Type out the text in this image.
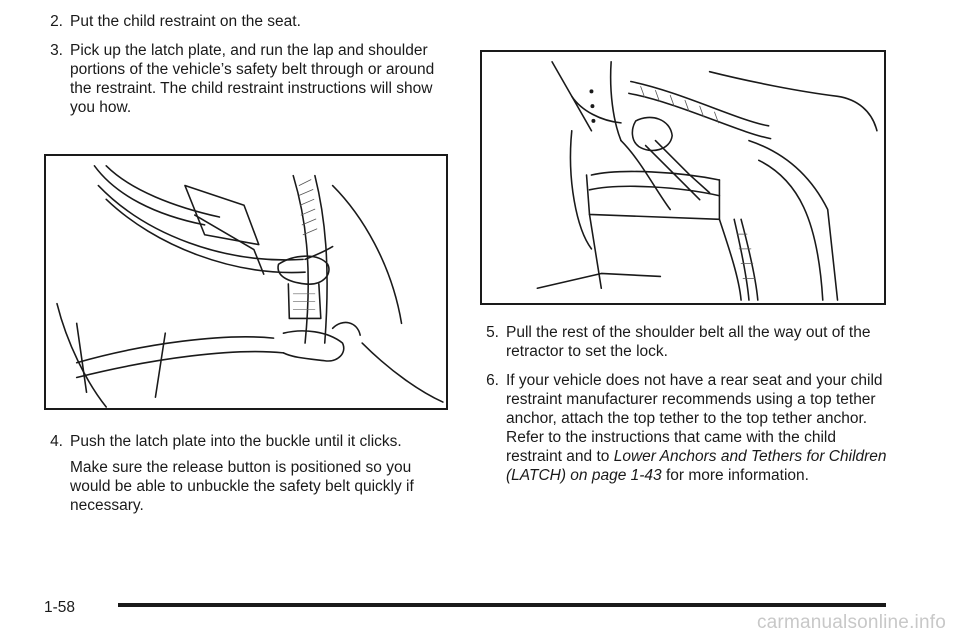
2. Put the child restraint on the seat.
3. Pick up the latch plate, and run the lap and shoulder portions of the vehicle’s safety belt through or around the restraint. The child restraint instructions will show you how.
4. Push the latch plate into the buckle until it clicks.
Make sure the release button is positioned so you would be able to unbuckle the safety belt quickly if necessary.
5. Pull the rest of the shoulder belt all the way out of the retractor to set the lock.
6. If your vehicle does not have a rear seat and your child restraint manufacturer recommends using a top tether anchor, attach the top tether to the top tether anchor. Refer to the instructions that came with the child restraint and to Lower Anchors and Tethers for Children (LATCH) on page 1-43 for more information.
1-58
carmanualsonline.info
